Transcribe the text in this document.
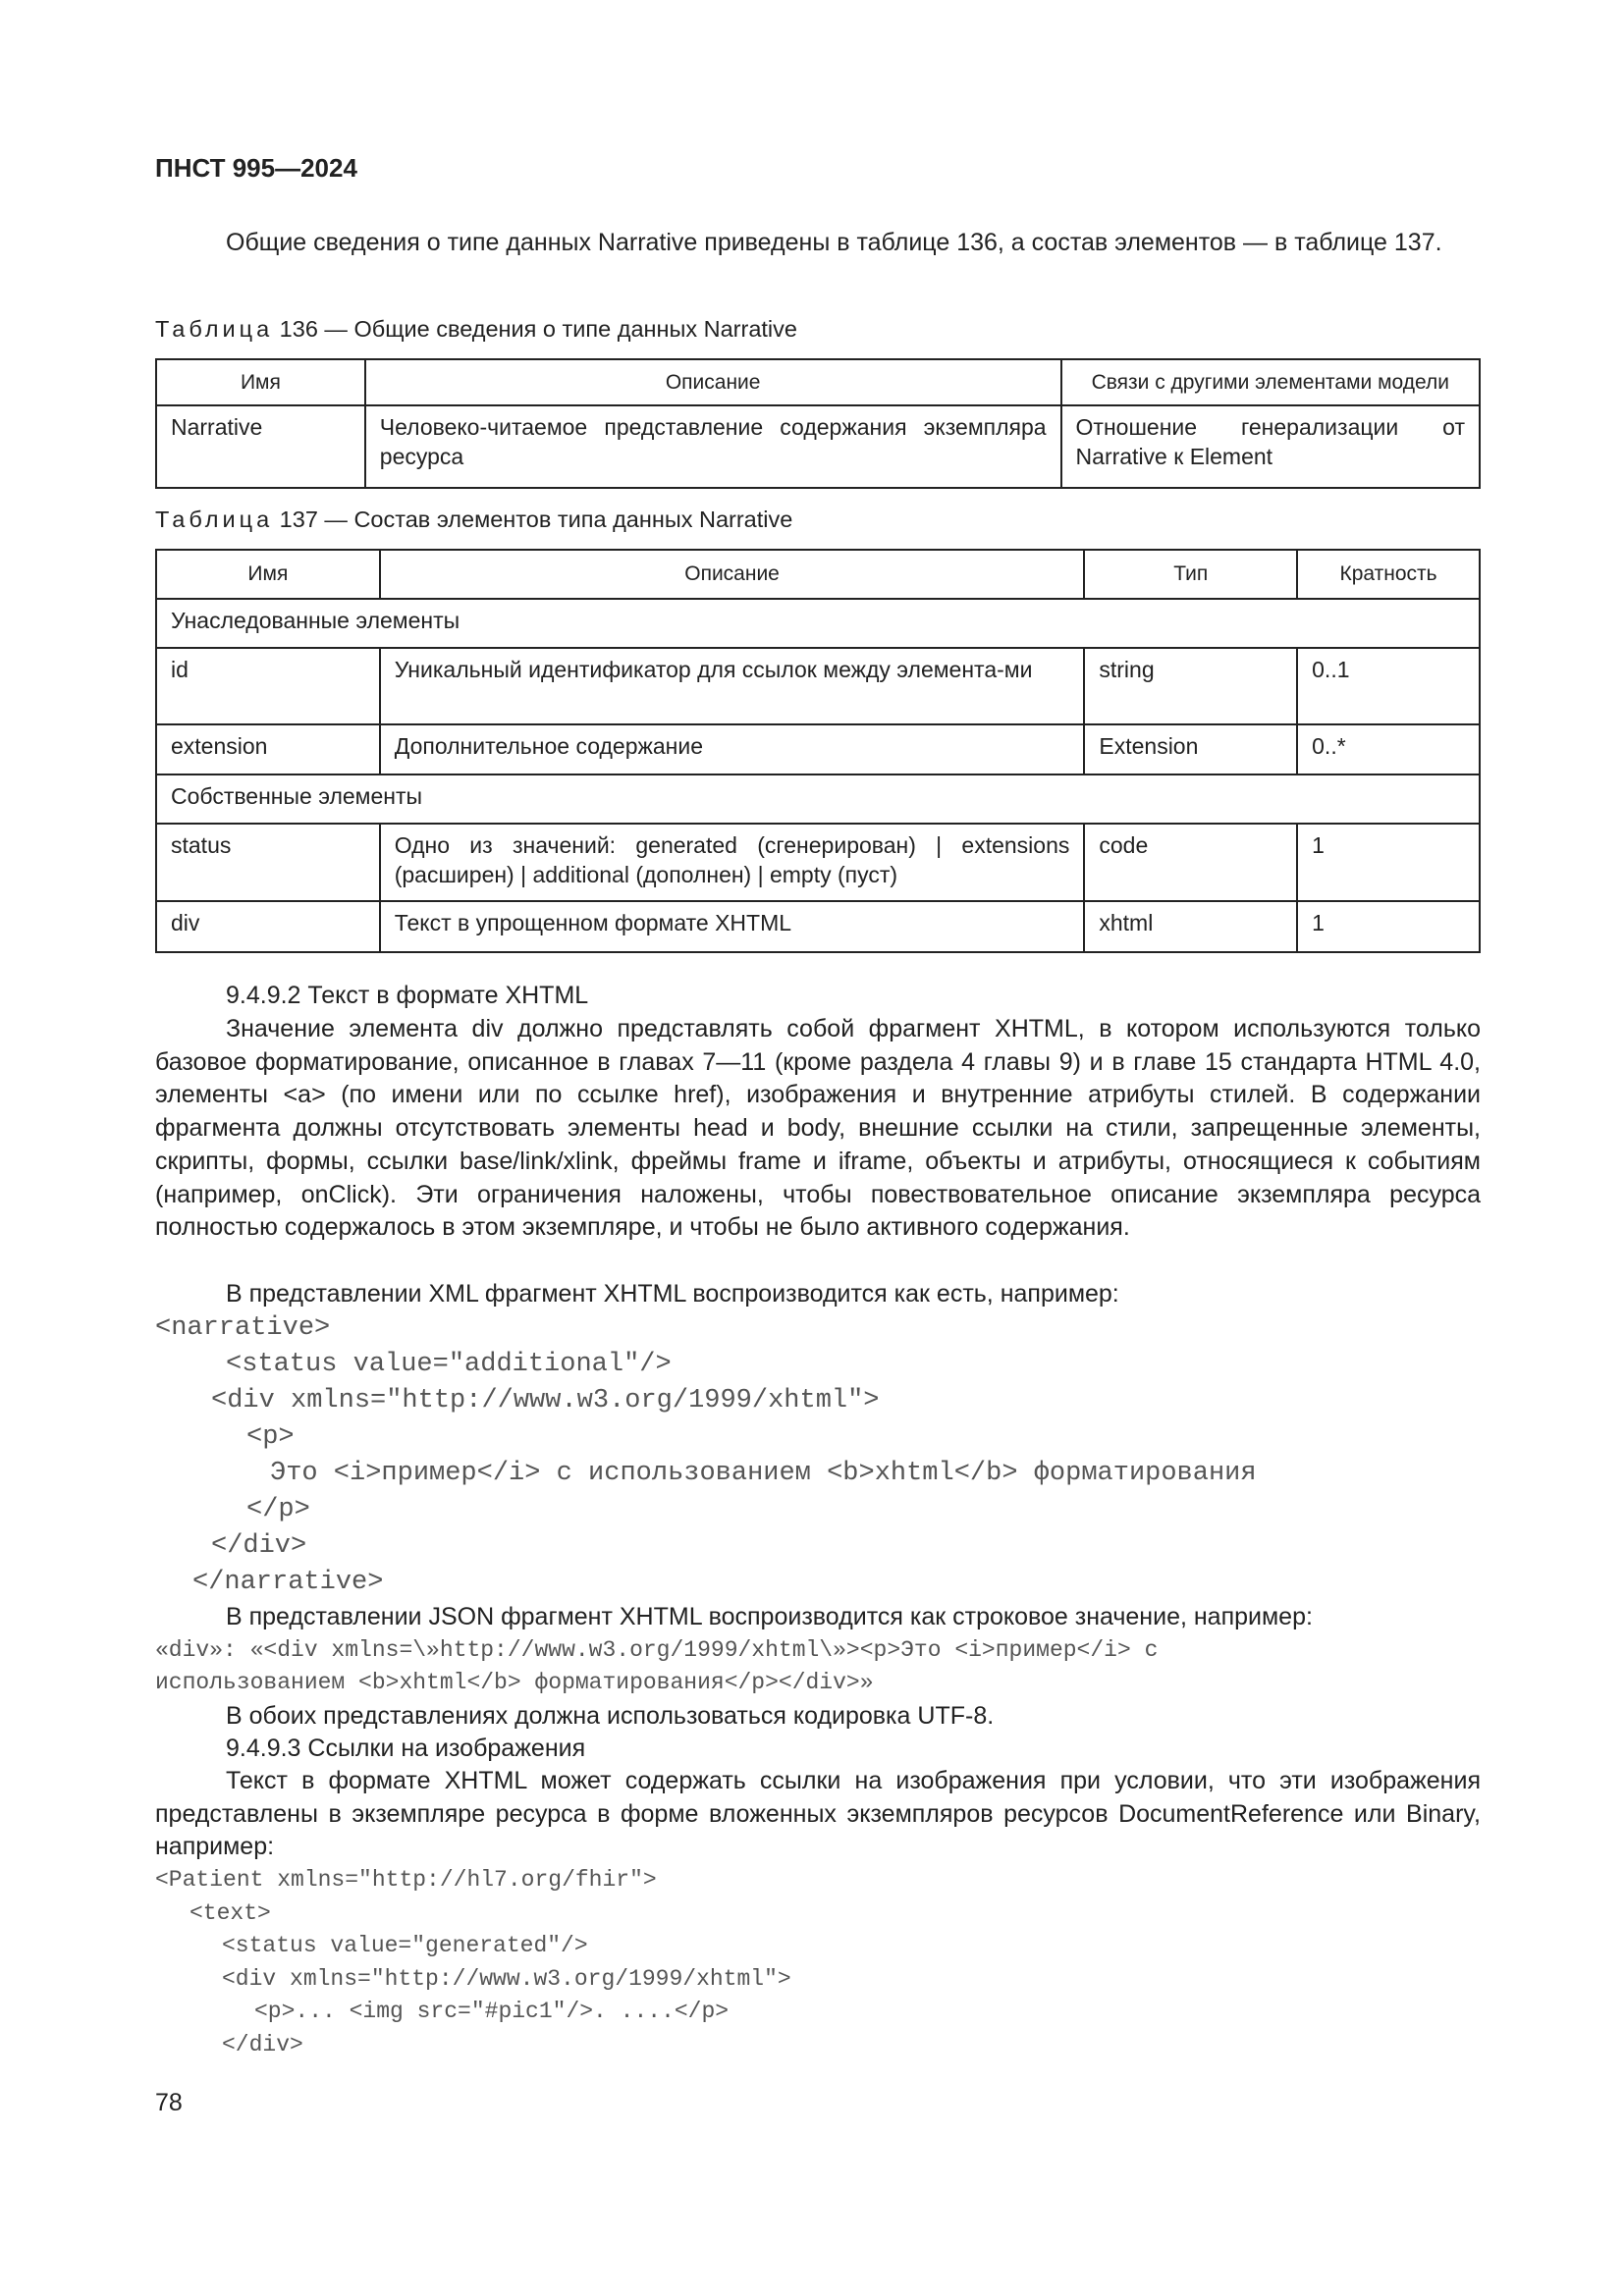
ПНСТ 995—2024
Общие сведения о типе данных Narrative приведены в таблице 136, а состав элементов — в таблице 137.
Таблица 136 — Общие сведения о типе данных Narrative
Имя	Описание	Связи с другими элементами модели
Narrative	Человеко-читаемое представление содержания экземпляра ресурса	Отношение генерализации от Narrative к Element
Таблица 137 — Состав элементов типа данных Narrative
Имя	Описание	Тип	Кратность
Унаследованные элементы			
id	Уникальный идентификатор для ссылок между элемента-ми	string	0..1
extension	Дополнительное содержание	Extension	0..*
Собственные элементы			
status	Одно из значений: generated (сгенерирован) | extensions (расширен) | additional (дополнен) | empty (пуст)	code	1
div	Текст в упрощенном формате XHTML	xhtml	1
9.4.9.2 Текст в формате XHTML
Значение элемента div должно представлять собой фрагмент XHTML, в котором используются только базовое форматирование, описанное в главах 7—11 (кроме раздела 4 главы 9) и в главе 15 стандарта HTML 4.0, элементы <a> (по имени или по ссылке href), изображения и внутренние атрибуты стилей. В содержании фрагмента должны отсутствовать элементы head и body, внешние ссылки на стили, запрещенные элементы, скрипты, формы, ссылки base/link/xlink, фреймы frame и iframe, объекты и атрибуты, относящиеся к событиям (например, onClick). Эти ограничения наложены, чтобы повествовательное описание экземпляра ресурса полностью содержалось в этом экземпляре, и чтобы не было активного содержания.
В представлении XML фрагмент XHTML воспроизводится как есть, например:
<narrative>
<status value="additional"/>
<div xmlns="http://www.w3.org/1999/xhtml">
<p>
Это <i>пример</i> с использованием <b>xhtml</b> форматирования
</p>
</div>
</narrative>
В представлении JSON фрагмент XHTML воспроизводится как строковое значение, например:
«div»: «<div xmlns=\»http://www.w3.org/1999/xhtml\»><p>Это <i>пример</i> с
использованием <b>xhtml</b> форматирования</p></div>»
В обоих представлениях должна использоваться кодировка UTF-8.
9.4.9.3 Ссылки на изображения
Текст в формате XHTML может содержать ссылки на изображения при условии, что эти изображения представлены в экземпляре ресурса в форме вложенных экземпляров ресурсов DocumentReference или Binary, например:
<Patient xmlns="http://hl7.org/fhir">
<text>
<status value="generated"/>
<div xmlns="http://www.w3.org/1999/xhtml">
<p>... <img src="#pic1"/>. ....</p>
</div>
78
